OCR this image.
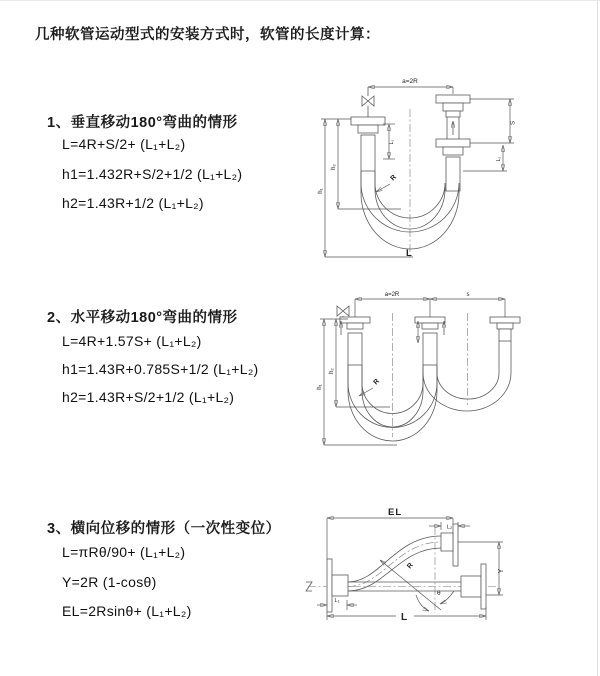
几种软管运动型式的安装方式时，软管的长度计算：
1、垂直移动180°弯曲的情形
L=4R+S/2+ (L₁+L₂)
h1=1.432R+S/2+1/2 (L₁+L₂)
h2=1.43R+1/2 (L₁+L₂)
2、水平移动180°弯曲的情形
L=4R+1.57S+ (L₁+L₂)
h1=1.43R+0.785S+1/2 (L₁+L₂)
h2=1.43R+S/2+1/2 (L₁+L₂)
3、横向位移的情形（一次性变位）
L=πRθ/90+ (L₁+L₂)
Y=2R (1-cosθ)
EL=2Rsinθ+ (L₁+L₂)
a=2R
L₁
R
h₁
h₂
S
L₂
L
a=2R	s
R
h₁
h₂
EL
L₂
R
θ
Y
L₁
L
